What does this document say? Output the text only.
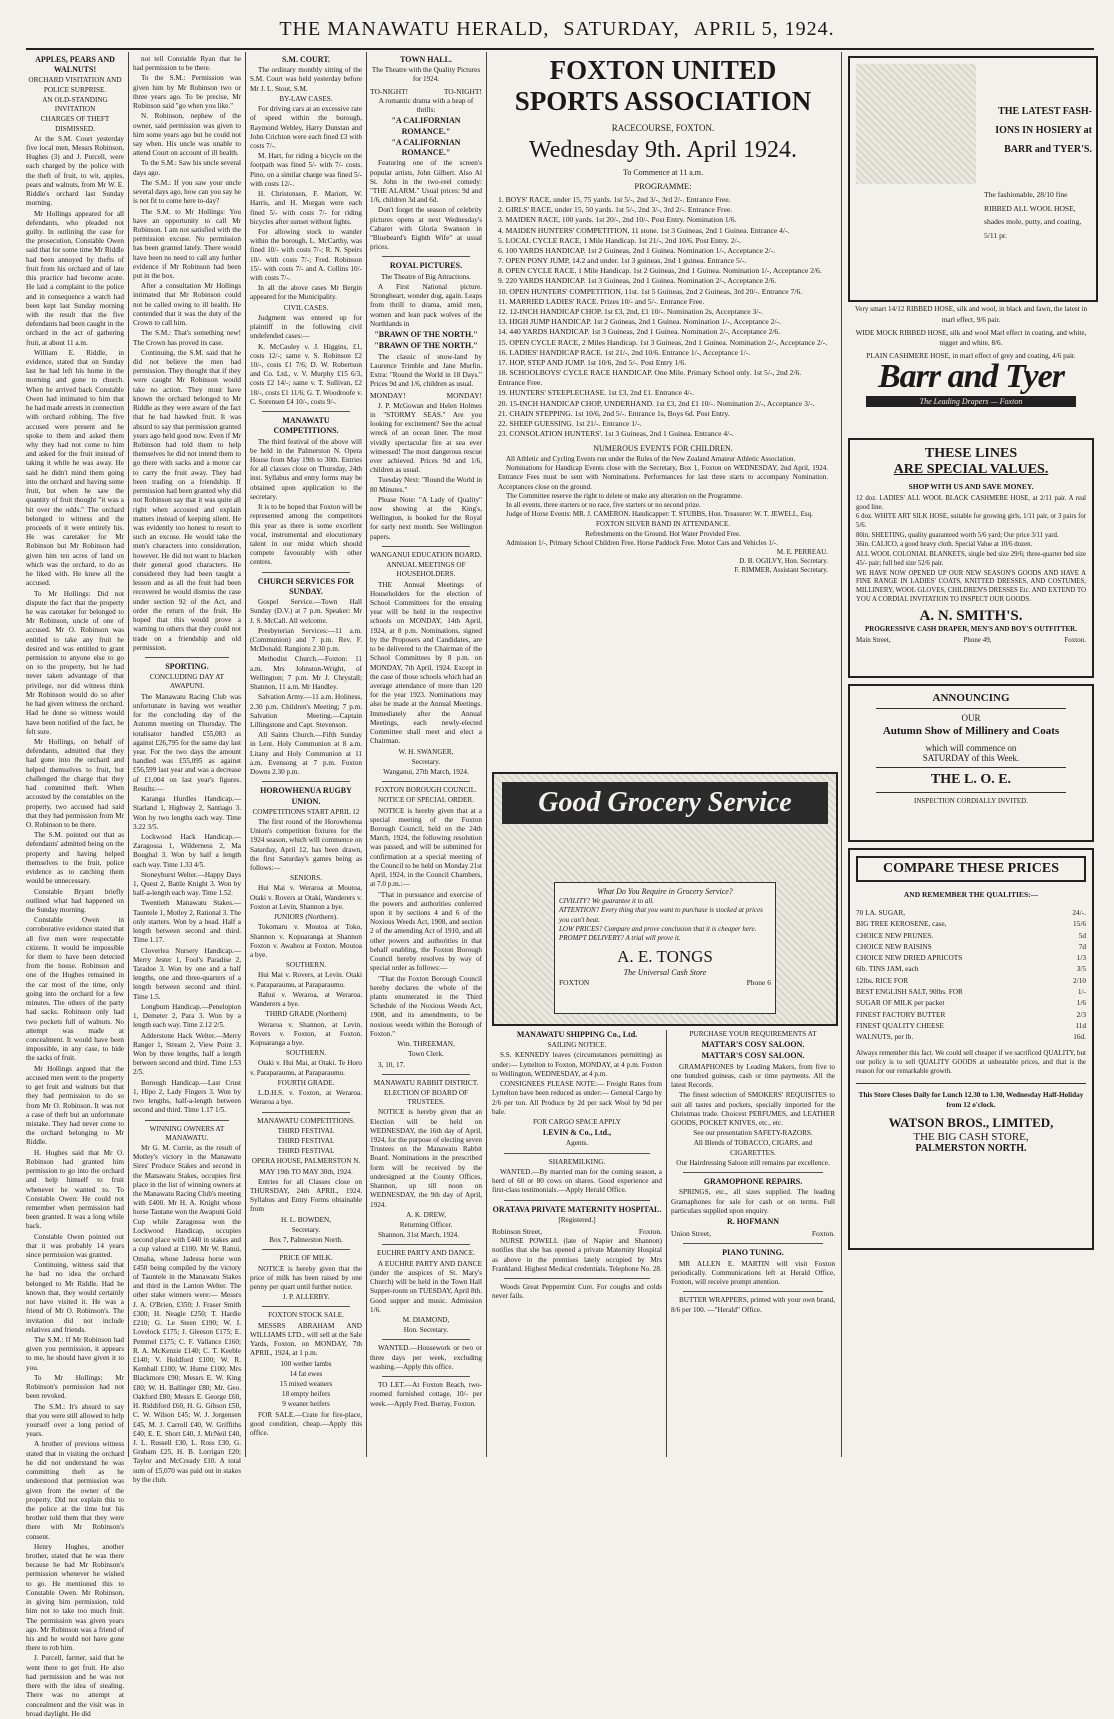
THE MANAWATU HERALD, SATURDAY, APRIL 5, 1924.

APPLES, PEARS AND WALNUTS!

ORCHARD VISITATION AND POLICE SURPRISE.

AN OLD-STANDING INVITATION

CHARGES OF THEFT DISMISSED.

At the S.M. Court yesterday five local men, Messrs Robinson, Hughes (3) and J. Purcell, were each charged by the police with the theft of fruit, to wit, apples, pears and walnuts, from Mr W. E. Riddle's orchard last Sunday morning.

Mr Hollings appeared for all defendants, who pleaded not guilty. In outlining the case for the prosecution, Constable Owen said that for some time Mr Riddle had been annoyed by thefts of fruit from his orchard and of late this practice had become acute. He laid a complaint to the police and in consequence a watch had been kept last Sunday morning with the result that the five defendants had been caught in the orchard in the act of gathering fruit, at about 11 a.m.

William E. Riddle, in evidence, stated that on Sunday last he had left his home in the morning and gone to church. When he arrived back Constable Owen had intimated to him that he had made arrests in connection with orchard robbing. The five accused were present and he spoke to them and asked them why they had not come to him and asked for the fruit instead of taking it while he was away. He said he didn't mind them going into the orchard and having some fruit, but when he saw the quantity of fruit thought "it was a bit over the odds." The orchard belonged to witness and the proceeds of it were entirely his. He was caretaker for Mr Robinson but Mr Robinson had given him ten acres of land on which was the orchard, to do as he liked with. He knew all the accused.

To Mr Hollings: Did not dispute the fact that the property he was caretaker for belonged to Mr Robinson, uncle of one of accused. Mr O. Robinson was entitled to take any fruit he desired and was entitled to grant permission to anyone else to go on to the property, but he had never taken advantage of that privilege, nor did witness think Mr Robinson would do so after he had given witness the orchard. Had he done so witness would have been notified of the fact, he felt sure.

Mr Hollings, on behalf of defendants, admitted that they had gone into the orchard and helped themselves to fruit, but challenged the charge that they had committed theft. When accosted by the constables on the property, two accused had said that they had permission from Mr O. Robinson to be there.

The S.M. pointed out that as defendants' admitted being on the property and having helped themselves to the fruit, police evidence as to catching them would be unnecessary.

Constable Bryant briefly outlined what had happened on the Sunday morning.

Constable Owen in corroborative evidence stated that all five men were respectable citizens. It would be impossible for them to have been detected from the house. Robinson and one of the Hughes remained in the car most of the time, only going into the orchard for a few minutes. The others of the party had sacks. Robinson only had two pockets full of walnuts. No attempt was made at concealment. It would have been impossible, in any case, to hide the sacks of fruit.

Mr Hollings argued that the accused men went to the property to get fruit and walnuts but that they had permission to do so from Mr O. Robinson. It was not a case of theft but an unfortunate mistake. They had never come to the orchard belonging to Mr Riddle.

H. Hughes said that Mr O. Robinson had granted him permission to go into the orchard and help himself to fruit whenever he wanted to. To Constable Owen: He could not remember when permission had been granted. It was a long while back.

Constable Owen pointed out that it was probably 14 years since permission was granted.

Continuing, witness said that he had no idea the orchard belonged to Mr Riddle. Had he known that, they would certainly not have visited it. He was a friend of Mr O. Robinson's. The invitation did not include relatives and friends.

The S.M.: If Mr Robinson had given you permission, it appears to me, he should have given it to you.

To Mr Hollings: Mr Robinson's permission had not been revoked.

The S.M.: It's absurd to say that you were still allowed to help yourself over a long period of years.

A brother of previous witness stated that in visiting the orchard he did not understand he was committing theft as he understood that permission was given from the owner of the property. Did not explain this to the police at the time but his brother told them that they were there with Mr Robinson's consent.

Henry Hughes, another brother, stated that he was there because he had Mr Robinson's permission whenever he wished to go. He mentioned this to Constable Owen. Mr Robinson, in giving him permission, told him not to take too much fruit. The permission was given years ago. Mr Robinson was a friend of his and he would not have gone there to rob him.

J. Purcell, farmer, said that he went there to get fruit. He also had permission and he was not there with the idea of stealing. There was no attempt at concealment and the visit was in broad daylight. He did

not tell Constable Ryan that he had permission to be there.

To the S.M.: Permission was given him by Mr Robinson two or three years ago. To be precise, Mr Robinson said "go when you like."

N. Robinson, nephew of the owner, said permission was given to him some years ago but he could not say when. His uncle was unable to attend Court on account of ill health.

To the S.M.: Saw his uncle several days ago.

The S.M.: If you saw your uncle several days ago, how can you say he is not fit to come here to-day?

The S.M. to Mr Hollings: You have an opportunity to call Mr Robinson. I am not satisfied with the permission excuse. No permission has been granted lately. There would have been no need to call any further evidence if Mr Robinson had been put in the box.

After a consultation Mr Hollings intimated that Mr Robinson could not be called owing to ill health. He contended that it was the duty of the Crown to call him.

The S.M.: That's something new! The Crown has proved its case.

Continuing, the S.M. said that he did not believe the men had permission. They thought that if they were caught Mr Robinson would take no action. They must have known the orchard belonged to Mr Riddle as they were aware of the fact that he had hawked fruit. It was absurd to say that permission granted years ago held good now. Even if Mr Robinson had told them to help themselves he did not intend them to go there with sacks and a motor car to carry the fruit away. They had been trading on a friendship. If permission had been granted why did not Robinson say that it was quite all right when accosted and explain matters instead of keeping silent. He was evidently too honest to resort to such an excuse. He would take the men's characters into consideration, however. He did not want to blacken their general good characters. He considered they had been taught a lesson and as all the fruit had been recovered he would dismiss the case under section 92 of the Act, and order the return of the fruit. He hoped that this would prove a warning to others that they could not trade on a friendship and old permission.

SPORTING.

CONCLUDING DAY AT AWAPUNI.

The Manawatu Racing Club was unfortunate in having wet weather for the concluding day of the Autumn meeting on Thursday. The totalisator handled £55,083 as against £26,795 for the same day last year. For the two days the amount handled was £55,095 as against £56,599 last year and was a decrease of £1,004 on last year's figures. Results:—

Karanga Hurdles Handicap.—Starland 1, Highway 2, Santiago 3. Won by two lengths each way. Time 3.22 3/5.

Lockwood Hack Handicap.—Zaragossa 1, Wilderness 2, Ma Boughal 3. Won by half a length each way. Time 1.33 4/5.

Stoneyhurst Welter.—Happy Days 1, Quest 2, Battle Knight 3. Won by half-a-length each way. Time 1.52.

Twentieth Manawatu Stakes.—Tauntele 1, Motley 2, Rational 3. The only starters. Won by a head. Half a length between second and third. Time 1.17.

Cloverlea Nursery Handicap.—Merry Jester 1, Fool's Paradise 2, Taradoe 3. Won by one and a half lengths, one and three-quarters of a length between second and third. Time 1.5.

Longburn Handicap.—Penelopion 1, Demeter 2, Para 3. Won by a length each way. Time 2.12 2/5.

Adderstone Hack Welter.—Merry Ranger 1, Stream 2, View Point 3. Won by three lengths, half a length between second and third. Time 1.53 2/5.

Borough Handicap.—Last Crust 1, Hipo 2, Lady Fingers 3. Won by two lengths, half-a-length between second and third. Time 1.17 1/5.

WINNING OWNERS AT MANAWATU.

Mr G. M. Currie, as the result of Motley's victory in the Manawatu Sires' Produce Stakes and second in the Manawatu Stakes, occupies first place in the list of winning owners at the Manawatu Racing Club's meeting with £400. Mr H. A. Knight whose horse Tautane won the Awapuni Gold Cup while Zaragossa won the Lockwood Handicap, occupies second place with £440 in stakes and a cup valued at £100. Mr W. Ranui, Omaha, whose Jadessa horse won £450 being compiled by the victory of Tauntele in the Manawatu Stakes and third in the Lanton Welter. The other stake winners were:— Messrs J. A. O'Brien, £350; J. Fraser Smith £300; H. Neagle £250; T. Hardie £210; G. Le Steen £190; W. I. Lovelock £175; J. Gleeson £175; E. Pemmel £175; C. F. Vallance £160; R. A. McKenzie £140; C. T. Keeble £140; V. Holdford £100; W. R. Kemball £100; W. Hume £100; Mrs Blackmore £90; Messrs E. W. King £80; W. H. Ballinger £80; Mr. Geo. Oakford £80; Messrs E. George £60, H. Riddiford £60, H. G. Gibson £50, C. W. Wilson £45; W. J. Jorgensen £45, M. J. Carroll £40, W. Griffiths £40; E. E. Short £40, J. McNeil £40, J. L. Russell £30, L. Ross £30, G. Graham £25, H. B. Lorrigan £20; Taylor and McCready £10. A total sum of £5,070 was paid out in stakes by the club.

S.M. COURT.

The ordinary monthly sitting of the S.M. Court was held yesterday before Mr J. L. Stout, S.M.

BY-LAW CASES.

For driving cars at an excessive rate of speed within the borough, Raymond Webley, Harry Dunstan and John Crichton were each fined £3 with costs 7/-.

M. Hart, for riding a bicycle on the footpath was fined 5/- with 7/- costs. Pino, on a similar charge was fined 5/- with costs 12/-.

H. Christensen, F. Mariott, W. Harris, and H. Morgan were each fined 5/- with costs 7/- for riding bicycles after sunset without lights.

For allowing stock to wander within the borough, L. McCarthy, was fined 10/- with costs 7/-; R. N. Speirs 10/- with costs 7/-; Fred. Robinson 15/- with costs 7/- and A. Collins 10/- with costs 7/-.

In all the above cases Mr Bergin appeared for the Municipality.

CIVIL CASES.

Judgment was entered up for plaintiff in the following civil undefended cases:—

K. McCauley v. J. Higgins, £1, costs 12/-; same v. S. Robinson £2 10/-, costs £1 7/6; D. W. Robertson and Co. Ltd., v. V. Murphy £15 6/3, costs £2 14/-; same v. T. Sullivan, £2 18/-, costs £1 11/6; G. T. Woodroofe v. C. Sorensen £4 10/-, costs 9/-.

MANAWATU COMPETITIONS.

The third festival of the above will be held in the Palmerston N. Opera House from May 19th to 30th. Entries for all classes close on Thursday, 24th inst. Syllabus and entry forms may be obtained upon application to the secretary.

It is to be hoped that Foxton will be represented among the competitors this year as there is some excellent vocal, instrumental and elocutionary talent in our midst which should compete favourably with other centres.

CHURCH SERVICES FOR SUNDAY.

Gospel Service.—Town Hall Sunday (D.V.) at 7 p.m. Speaker: Mr J. S. McCall. All welcome.

Presbyterian Services:—11 a.m. (Communion) and 7 p.m. Rev. F. McDonald. Rangiotu 2.30 p.m.

Methodist Church.—Foxton: 11 a.m. Mrs Johnston-Wright, of Wellington; 7 p.m. Mr J. Chrystall; Shannon, 11 a.m. Mr Handley.

Salvation Army.—11 a.m. Holiness, 2.30 p.m. Children's Meeting; 7 p.m. Salvation Meeting.—Captain Lillingstone and Capt. Stevenson.

All Saints Church.—Fifth Sunday in Lent. Holy Communion at 8 a.m. Litany and Holy Communion at 11 a.m. Evensong at 7 p.m. Foxton Downs 2.30 p.m.

HOROWHENUA RUGBY UNION.

COMPETITIONS START APRIL 12

The first round of the Horowhenua Union's competition fixtures for the 1924 season, which will commence on Saturday, April 12, has been drawn, the first Saturday's games being as follows:—

SENIORS.

Hui Mai v. Weraroa at Moutoa, Otaki v. Rovers at Otaki, Wanderers v. Foxton at Levin, Shannon a bye.

JUNIORS (Northern).

Tokomaru v. Moutoa at Toko, Shannon v. Kopuaranga at Shannon Foxton v. Awahou at Foxton. Moutoa a bye.

SOUTHERN.

Hui Mai v. Rovers, at Levin. Otaki v. Paraparaumu, at Paraparaumu.

Rahui v. Weraroa, at Weraroa. Wanderers a bye.

THIRD GRADE (Northern)

Weraroa v. Shannon, at Levin. Rovers v. Foxton, at Foxton. Kopuaranga a bye.

SOUTHERN.

Otaki v. Hui Mai, at Otaki. Te Horo v. Paraparaumu, at Paraparaumu.

FOURTH GRADE.

L.D.H.S. v. Foxton, at Weraroa. Weraroa a bye.

MANAWATU COMPETITIONS.

THIRD FESTIVAL

THIRD FESTIVAL

THIRD FESTIVAL

OPERA HOUSE, PALMERSTON N.

MAY 19th TO MAY 30th, 1924.

Entries for all Classes close on THURSDAY, 24th APRIL, 1924. Syllabus and Entry Forms obtainable from

H. L. BOWDEN,

Secretary.

Box 7, Palmerston North.

PRICE OF MILK.

NOTICE is hereby given that the price of milk has been raised by one penny per quart until further notice.

J. P. ALLERBY.

FOXTON STOCK SALE.

MESSRS ABRAHAM AND WILLIAMS LTD., will sell at the Sale Yards, Foxton, on MONDAY, 7th APRIL, 1924, at 1 p.m.

100 wether lambs

14 fat ewes

15 mixed weaners

18 empty heifers

9 weaner heifers

FOR SALE.—Crate for fire-place, good condition, cheap.—Apply this office.

TOWN HALL.

The Theatre with the Quality Pictures for 1924.

TO-NIGHT!	TO-NIGHT!

A romantic drama with a heap of thrills:

"A CALIFORNIAN ROMANCE."

"A CALIFORNIAN ROMANCE."

Featuring one of the screen's popular artists, John Gilbert. Also Al St. John in the two-reel comedy: "THE ALARM." Usual prices: 9d and 1/6, children 3d and 6d.

Don't forget the season of celebrity pictures opens at next Wednesday's Cabaret with Gloria Swanson in "Bluebeard's Eighth Wife" at usual prices.

ROYAL PICTURES.

The Theatre of Big Attractions.

A First National picture. Strongheart, wonder dog, again. Leaps from thrill to drama, amid men, women and lean pack wolves of the Northlands in

"BRAWN OF THE NORTH."

"BRAWN OF THE NORTH."

The classic of snow-land by Laurence Trimble and Jane Murfin. Extra: "Round the World in 18 Days." Prices 9d and 1/6, children as usual.

MONDAY!	MONDAY!

J. P. McGowan and Helen Holmes in "STORMY SEAS." Are you looking for excitement? See the actual wreck of an ocean liner. The most vividly spectacular fire at sea ever witnessed! The most dangerous rescue ever achieved. Prices 9d and 1/6, children as usual.

Tuesday Next: "Round the World in 80 Minutes."

Please Note: "A Lady of Quality" now showing at the King's, Wellington, is booked for the Royal for early next month. See Wellington papers.

WANGANUI EDUCATION BOARD.

ANNUAL MEETINGS OF HOUSEHOLDERS.

THE Annual Meetings of Householders for the election of School Committees for the ensuing year will be held in the respective schools on MONDAY, 14th April, 1924, at 8 p.m. Nominations, signed by the Proposers and Candidates, are to be delivered to the Chairman of the School Committees by 8 p.m. on MONDAY, 7th April, 1924. Except in the case of those schools which had an average attendance of more than 120 for the year 1923. Nominations may also be made at the Annual Meetings. Immediately after the Annual Meetings, each newly-elected Committee shall meet and elect a Chairman.

W. H. SWANGER,

Secretary.

Wanganui, 27th March, 1924.

FOXTON BOROUGH COUNCIL.

NOTICE OF SPECIAL ORDER.

NOTICE is hereby given that at a special meeting of the Foxton Borough Council, held on the 24th March, 1924, the following resolution was passed, and will be submitted for confirmation at a special meeting of the Council to be held on Monday 21st April, 1924, in the Council Chambers, at 7.0 p.m.:—

"That in pursuance and exercise of the powers and authorities conferred upon it by sections 4 and 6 of the Noxious Weeds Act, 1908, and section 2 of the amending Act of 1910, and all other powers and authorities in that behalf enabling, the Foxton Borough Council hereby resolves by way of special order as follows:—

"That the Foxton Borough Council hereby declares the whole of the plants enumerated in the Third Schedule of the Noxious Weeds Act, 1908, and its amendments, to be noxious weeds within the Borough of Foxton."

Wm. THREEMAN,

Town Clerk.

3, 10, 17.

MANAWATU RABBIT DISTRICT.

ELECTION OF BOARD OF TRUSTEES.

NOTICE is hereby given that an Election will be held on WEDNESDAY, the 16th day of April, 1924, for the purpose of electing seven Trustees on the Manawatu Rabbit Board. Nominations in the prescribed form will be received by the undersigned at the County Offices, Shannon, up till noon on WEDNESDAY, the 9th day of April, 1924.

A. K. DREW,

Returning Officer.

Shannon, 31st March, 1924.

EUCHRE PARTY AND DANCE.

A EUCHRE PARTY AND DANCE (under the auspices of St. Mary's Church) will be held in the Town Hall Supper-room on TUESDAY, April 8th. Good supper and music. Admission 1/6.

M. DIAMOND,

Hon. Secretary.

WANTED.—Housework or two or three days per week, excluding washing.—Apply this office.

TO LET.—At Foxton Beach, two-roomed furnished cottage, 10/- per week.—Apply Fred. Burray, Foxton.

FOXTON UNITED
SPORTS ASSOCIATION
RACECOURSE, FOXTON.
Wednesday 9th. April 1924.
To Commence at 11 a.m.
PROGRAMME:
1. BOYS' RACE, under 15, 75 yards. 1st 5/-, 2nd 3/-, 3rd 2/-. Entrance Free.
2. GIRLS' RACE, under 15, 50 yards. 1st 5/-, 2nd 3/-, 3rd 2/-. Entrance Free.
3. MAIDEN RACE, 100 yards. 1st 20/-, 2nd 10/-. Post Entry. Nomination 1/6.
4. MAIDEN HUNTERS' COMPETITION, 11 stone. 1st 3 Guineas, 2nd 1 Guinea. Entrance 4/-.
5. LOCAL CYCLE RACE, 1 Mile Handicap. 1st 21/-, 2nd 10/6. Post Entry. 2/-.
6. 100 YARDS HANDICAP. 1st 2 Guineas, 2nd 1 Guinea. Nomination 1/-, Acceptance 2/-.
7. OPEN PONY JUMP, 14.2 and under. 1st 3 guineas, 2nd 1 guinea. Entrance 5/-.
8. OPEN CYCLE RACE, 1 Mile Handicap. 1st 2 Guineas, 2nd 1 Guinea. Nomination 1/-, Acceptance 2/6.
9. 220 YARDS HANDICAP. 1st 3 Guineas, 2nd 1 Guinea. Nomination 2/-, Acceptance 2/6.
10. OPEN HUNTERS' COMPETITION, 11st. 1st 5 Guineas, 2nd 2 Guineas, 3rd 20/-. Entrance 7/6.
11. MARRIED LADIES' RACE. Prizes 10/- and 5/-. Entrance Free.
12. 12-INCH HANDICAP CHOP. 1st £3, 2nd, £1 10/-. Nomination 2s, Acceptance 3/-.
13. HIGH JUMP HANDICAP. 1st 2 Guineas, 2nd 1 Guinea. Nomination 1/-, Acceptance 2/-.
14. 440 YARDS HANDICAP. 1st 3 Guineas, 2nd 1 Guinea. Nomination 2/-, Acceptance 2/6.
15. OPEN CYCLE RACE, 2 Miles Handicap. 1st 3 Guineas, 2nd 1 Guinea. Nomination 2/-, Acceptance 2/-.
16. LADIES' HANDICAP RACE. 1st 21/-, 2nd 10/6. Entrance 1/-, Acceptance 1/-.
17. HOP, STEP AND JUMP. 1st 10/6, 2nd 5/-. Post Entry 1/6.
18. SCHOOLBOYS' CYCLE RACE HANDICAP. One Mile. Primary School only. 1st 5/-, 2nd 2/6. Entrance Free.
19. HUNTERS' STEEPLECHASE. 1st £3, 2nd £1. Entrance 4/-.
20. 15-INCH HANDICAP CHOP, UNDERHAND. 1st £3, 2nd £1 10/-. Nomination 2/-, Acceptance 3/-.
21. CHAIN STEPPING. 1st 10/6, 2nd 5/-. Entrance 1s, Boys 6d. Post Entry.
22. SHEEP GUESSING. 1st 21/-. Entrance 1/-.
23. CONSOLATION HUNTERS'. 1st 3 Guineas, 2nd 1 Guinea. Entrance 4/-.
NUMEROUS EVENTS FOR CHILDREN.

All Athletic and Cycling Events run under the Rules of the New Zealand Amateur Athletic Association.

Nominations for Handicap Events close with the Secretary, Box 1, Foxton on WEDNESDAY, 2nd April, 1924. Entrance Fees must be sent with Nominations. Performances for last three starts to accompany Nomination. Acceptances close on the ground.

The Committee reserve the right to delete or make any alteration on the Programme.

In all events, three starters or no race, five starters or no second prize.

Judge of Horse Events: MR. J. CAMERON. Handicapper: T. STUBBS, Hon. Treasurer: W. T. JEWELL, Esq.

FOXTON SILVER BAND IN ATTENDANCE.

Refreshments on the Ground. Hot Water Provided Free.

Admission 1/-, Primary School Children Free. Horse Paddock Free. Motor Cars and Vehicles 1/-.

M. E. PERREAU.

D. B. OGILVY, Hon. Secretary.

F. RIMMER, Assistant Secretary.

Good Grocery Service
What Do You Require in Grocery Service?
CIVILITY? We guarantee it to all.
ATTENTION? Every thing that you want to purchase is stocked at prices you can't beat.
LOW PRICES? Compare and prove conclusion that it is cheaper here.
PROMPT DELIVERY? A trial will prove it.
A. E. TONGS
The Universal Cash Store
FOXTON	Phone 6

MANAWATU SHIPPING Co., Ltd.

SAILING NOTICE.

S.S. KENNEDY leaves (circumstances permitting) as under:— Lyttelton to Foxton, MONDAY, at 4 p.m. Foxton to Wellington, WEDNESDAY, at 4 p.m.

CONSIGNEES PLEASE NOTE:— Freight Rates from Lyttelton have been reduced as under:— General Cargo by 2/6 per ton. All Produce by 2d per sack Wool by 9d per bale.

FOR CARGO SPACE APPLY

LEVIN & Co., Ltd.,

Agents.

SHAREMILKING.

WANTED.—By married man for the coming season, a herd of 60 or 80 cows on shares. Good experience and first-class testimonials.—Apply Herald Office.

ORATAVA PRIVATE MATERNITY HOSPITAL.

[Registered.]

Robinson Street,	Foxton.

NURSE POWELL (late of Napier and Shannon) notifies that she has opened a private Maternity Hospital as above in the premises lately occupied by Mrs Frankland. Highest Medical credentials. Telephone No. 28.

Woods Great Peppermint Cure. For coughs and colds never fails.

PURCHASE YOUR REQUIREMENTS AT

MATTAR'S COSY SALOON.

MATTAR'S COSY SALOON.

GRAMAPHONES by Leading Makers, from five to one hundred guineas, cash or time payments. All the latest Records.

The finest selection of SMOKERS' REQUISITES to suit all tastes and pockets, specially imported for the Christmas trade. Choicest PERFUMES, and LEATHER GOODS, POCKET KNIVES, etc., etc.

See our presentation SAFETY-RAZORS.

All Blends of TOBACCO, CIGARS, and CIGARETTES.

Our Hairdressing Saloon still remains par excellence.

GRAMOPHONE REPAIRS.

SPRINGS, etc., all sizes supplied. The leading Gramaphones for sale for cash or on terms. Full particulars supplied upon enquiry.

R. HOFMANN

Union Street,	Foxton.

PIANO TUNING.

MR ALLEN E. MARTIN will visit Foxton periodically. Communications left at Herald Office, Foxton, will receive prompt attention.

BUTTER WRAPPERS, printed with your own brand, 8/6 per 100. —"Herald" Office.

THE LATEST FASH-
IONS IN HOSIERY at
BARR and TYER'S.
The fashionable, 28/10 fine RIBBED ALL WOOL HOSE, shades mole, putty, and coating, 5/11 pr.

Very smart 14/12 RIBBED HOSE, silk and wool, in black and fawn, the latest in marl effect, 9/6 pair.

WIDE MOCK RIBBED HOSE, silk and wool Marl effect in coating, and white, nigger and white, 8/6.

PLAIN CASHMERE HOSE, in marl effect of grey and coating, 4/6 pair.

Barr and Tyer
The Leading Drapers — Foxton
THESE LINES
ARE SPECIAL VALUES.
SHOP WITH US AND SAVE MONEY.

12 doz. LADIES' ALL WOOL BLACK CASHMERE HOSE, at 2/11 pair. A real good line.

6 doz. WHITE ART SILK HOSE, suitable for growing girls, 1/11 pair, or 3 pairs for 5/6.

80in. SHEETING, quality guaranteed worth 5/6 yard; Our price 3/11 yard.

36in. CALICO, a good heavy cloth. Special Value at 10/6 dozen.

ALL WOOL COLONIAL BLANKETS, single bed size 29/6; three-quarter bed size 45/- pair; full bed size 52/6 pair.

WE HAVE NOW OPENED UP OUR NEW SEASON'S GOODS AND HAVE A FINE RANGE IN LADIES' COATS, KNITTED DRESSES, AND COSTUMES, MILLINERY, WOOL GLOVES, CHILDREN'S DRESSES Etc. AND EXTEND TO YOU A CORDIAL INVITATION TO INSPECT OUR GOODS.

A. N. SMITH'S.
PROGRESSIVE CASH DRAPER, MEN'S AND BOY'S OUTFITTER.
Main Street,	Phone 49,	Foxton.
ANNOUNCING
OUR
Autumn Show of Millinery and Coats
which will commence on
SATURDAY of this Week.
THE L. O. E.
INSPECTION CORDIALLY INVITED.
COMPARE THESE PRICES
AND REMEMBER THE QUALITIES:—
70 LA. SUGAR,	24/-.
BIG TREE KEROSENE, case,	15/6
CHOICE NEW PRUNES.	5d
CHOICE NEW RAISINS	7d
CHOICE NEW DRIED APRICOTS	1/3
6lb. TINS JAM, each	3/5
12lbs. RICE FOR	2/10
BEST ENGLISH SALT, 90lbs. FOR	1/-
SUGAR OF MILK per packet	1/6
FINEST FACTORY BUTTER	2/3
FINEST QUALITY CHEESE	11d
WALNUTS, per lb.	16d.
Always remember this fact. We could sell cheaper if we sacrificed QUALITY, but our policy is to sell QUALITY GOODS at unbeatable prices, and that is the reason for our remarkable growth.
This Store Closes Daily for Lunch 12.30 to 1.30, Wednesday Half-Holiday from 12 o'clock.
WATSON BROS., LIMITED,
THE BIG CASH STORE,
PALMERSTON NORTH.
